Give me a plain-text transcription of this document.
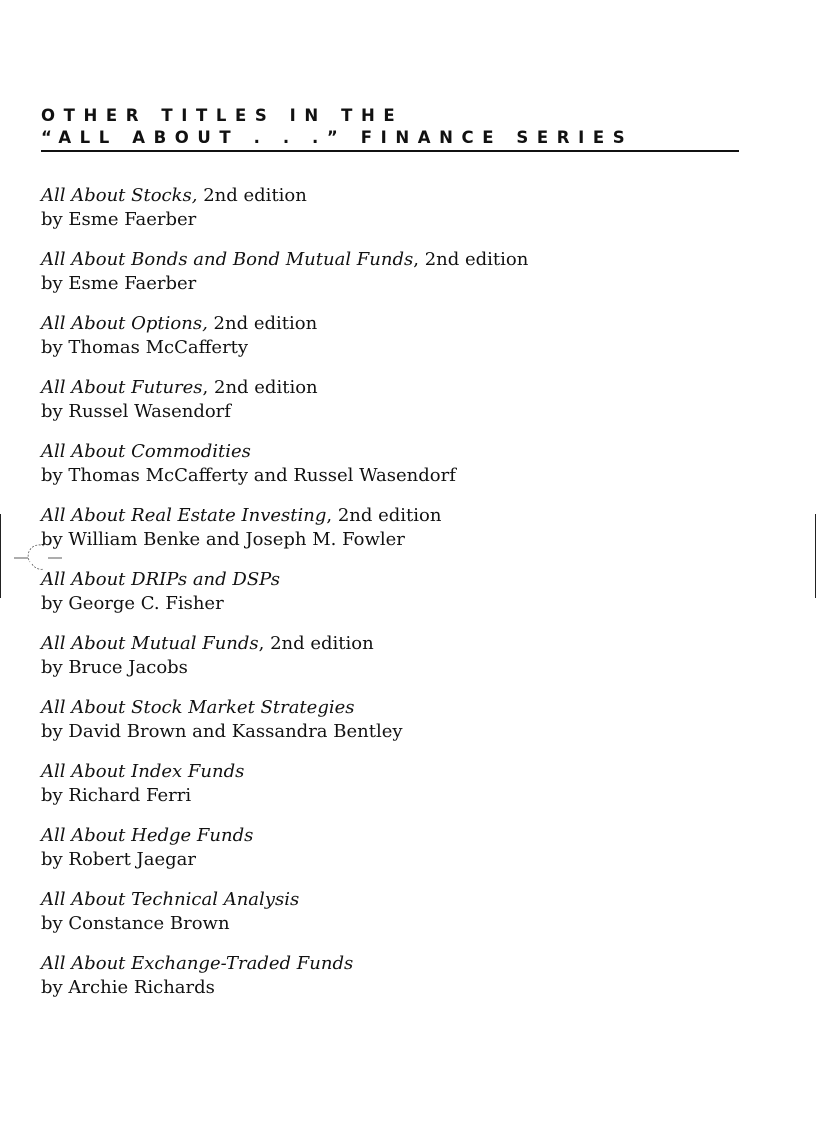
OTHER TITLES IN THE
“ALL ABOUT . . .” FINANCE SERIES
All About Stocks, 2nd edition
by Esme Faerber
All About Bonds and Bond Mutual Funds, 2nd edition
by Esme Faerber
All About Options, 2nd edition
by Thomas McCafferty
All About Futures, 2nd edition
by Russel Wasendorf
All About Commodities
by Thomas McCafferty and Russel Wasendorf
All About Real Estate Investing, 2nd edition
by William Benke and Joseph M. Fowler
All About DRIPs and DSPs
by George C. Fisher
All About Mutual Funds, 2nd edition
by Bruce Jacobs
All About Stock Market Strategies
by David Brown and Kassandra Bentley
All About Index Funds
by Richard Ferri
All About Hedge Funds
by Robert Jaegar
All About Technical Analysis
by Constance Brown
All About Exchange-Traded Funds
by Archie Richards
